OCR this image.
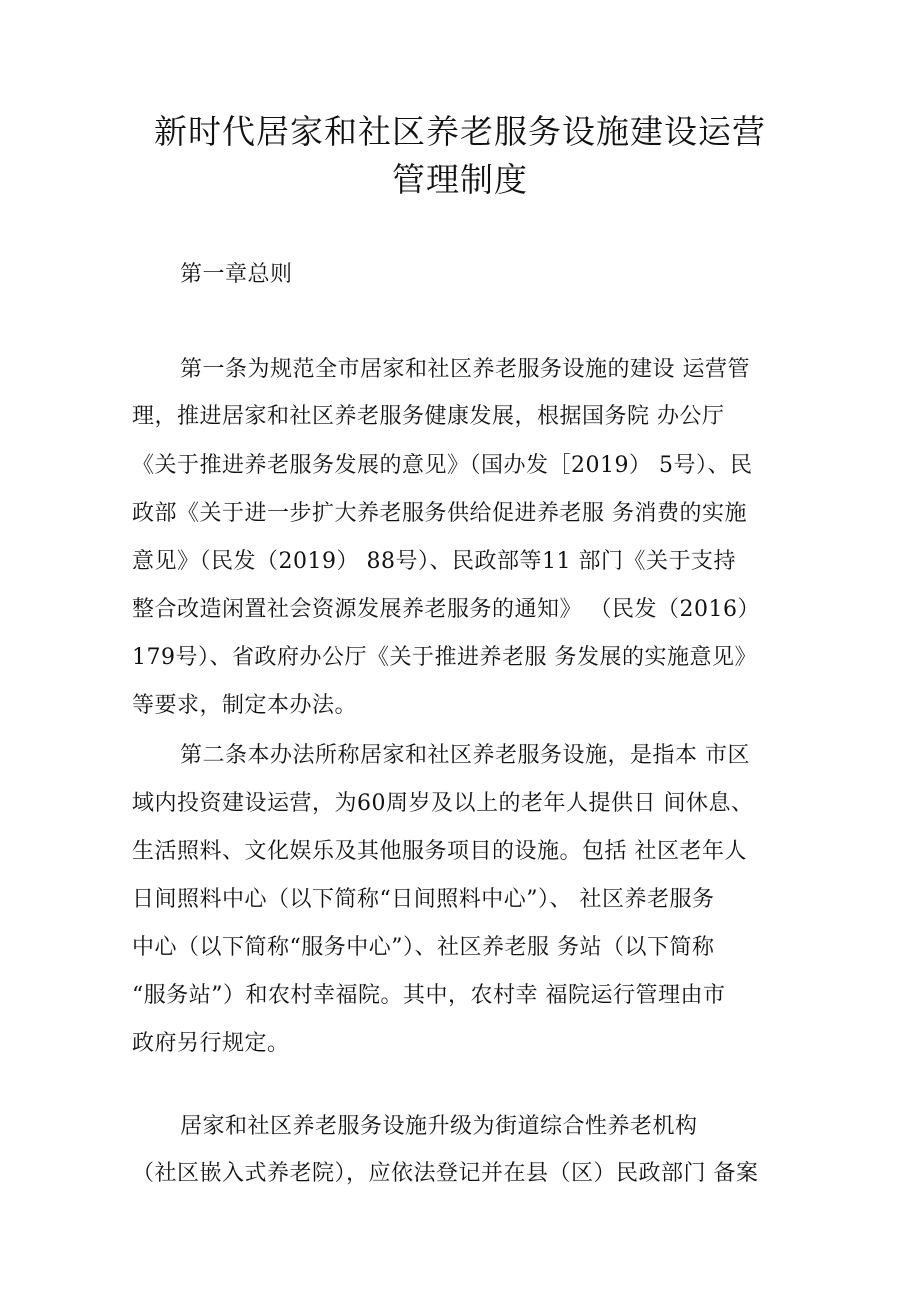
新时代居家和社区养老服务设施建设运营
管理制度
第一章总则
第一条为规范全市居家和社区养老服务设施的建设 运营管
理，推进居家和社区养老服务健康发展，根据国务院 办公厅
《关于推进养老服务发展的意见》（国办发［2019） 5号）、民
政部《关于进一步扩大养老服务供给促进养老服 务消费的实施
意见》（民发（2019） 88号）、民政部等11 部门《关于支持
整合改造闲置社会资源发展养老服务的通知》 （民发（2016）
179号）、省政府办公厅《关于推进养老服 务发展的实施意见》
等要求，制定本办法。
第二条本办法所称居家和社区养老服务设施，是指本 市区
域内投资建设运营，为60周岁及以上的老年人提供日 间休息、
生活照料、文化娱乐及其他服务项目的设施。包括 社区老年人
日间照料中心（以下简称“日间照料中心”）、 社区养老服务
中心（以下简称“服务中心”）、社区养老服 务站（以下简称
“服务站”）和农村幸福院。其中，农村幸 福院运行管理由市
政府另行规定。
居家和社区养老服务设施升级为街道综合性养老机构
（社区嵌入式养老院），应依法登记并在县（区）民政部门 备案
